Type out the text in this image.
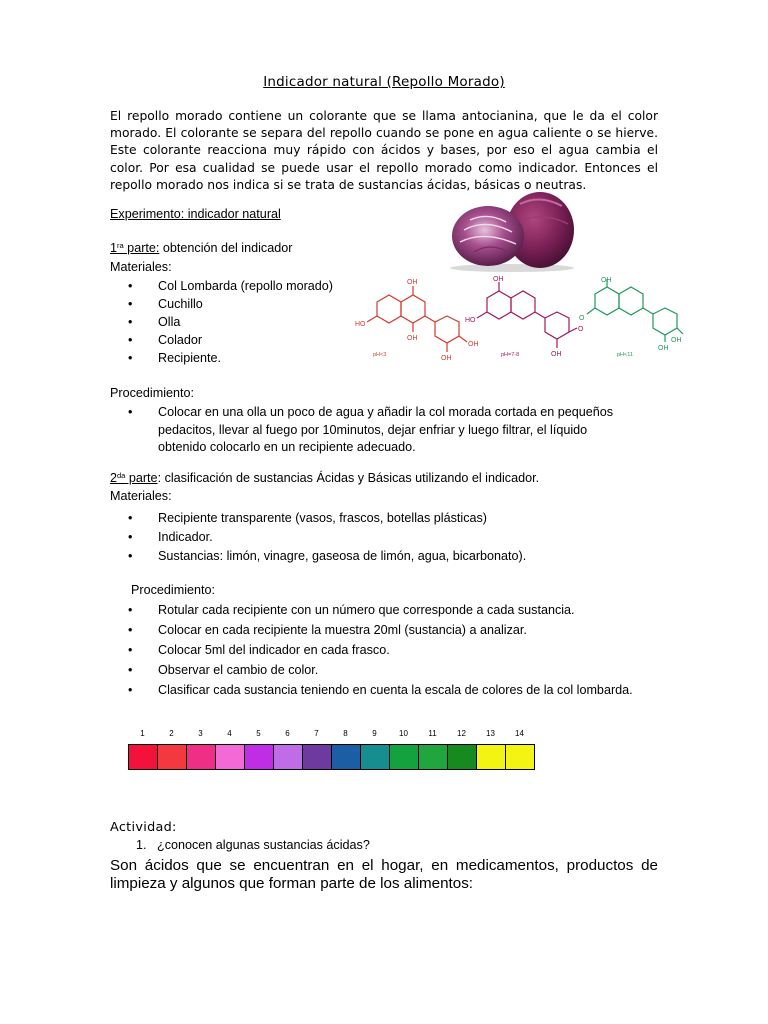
Indicador natural (Repollo Morado)

El repollo morado contiene un colorante que se llama antocianina, que le da el color morado. El colorante se separa del repollo cuando se pone en agua caliente o se hierve. Este colorante reacciona muy rápido con ácidos y bases, por eso el agua cambia el color. Por esa cualidad se puede usar el repollo morado como indicador. Entonces el repollo morado nos indica si se trata de sustancias ácidas, básicas o neutras.

Experimento: indicador natural
$1^{ra}$ parte: obtención del indicador
Materiales:
•	Col Lombarda (repollo morado)
•	Cuchillo
•	Olla
•	Colador
•	Recipiente.
OH
HO
OH
OH
OH
pH<3
OH
HO
O
OH
pH=7-8
OH
O
OH
OH
pH<11
Procedimiento:
•	Colocar en una olla un poco de agua y añadir la col morada cortada en pequeños
pedacitos, llevar al fuego por 10minutos, dejar enfriar y luego filtrar, el líquido
obtenido colocarlo en un recipiente adecuado.
$2^{da}$ parte: clasificación de sustancias Ácidas y Básicas utilizando el indicador.
Materiales:
•	Recipiente transparente (vasos, frascos, botellas plásticas)
•	Indicador.
•	Sustancias: limón, vinagre, gaseosa de limón, agua, bicarbonato).
Procedimiento:
•	Rotular cada recipiente con un número que corresponde a cada sustancia.
•	Colocar en cada recipiente la muestra 20ml (sustancia) a analizar.
•	Colocar 5ml del indicador en cada frasco.
•	Observar el cambio de color.
•	Clasificar cada sustancia teniendo en cuenta la escala de colores de la col lombarda.
1	2	3	4	5	6	7	8	9	10	11	12	13	14
Actividad:
1. ¿conocen algunas sustancias ácidas?

Son ácidos que se encuentran en el hogar, en medicamentos, productos de limpieza y algunos que forman parte de los alimentos:
